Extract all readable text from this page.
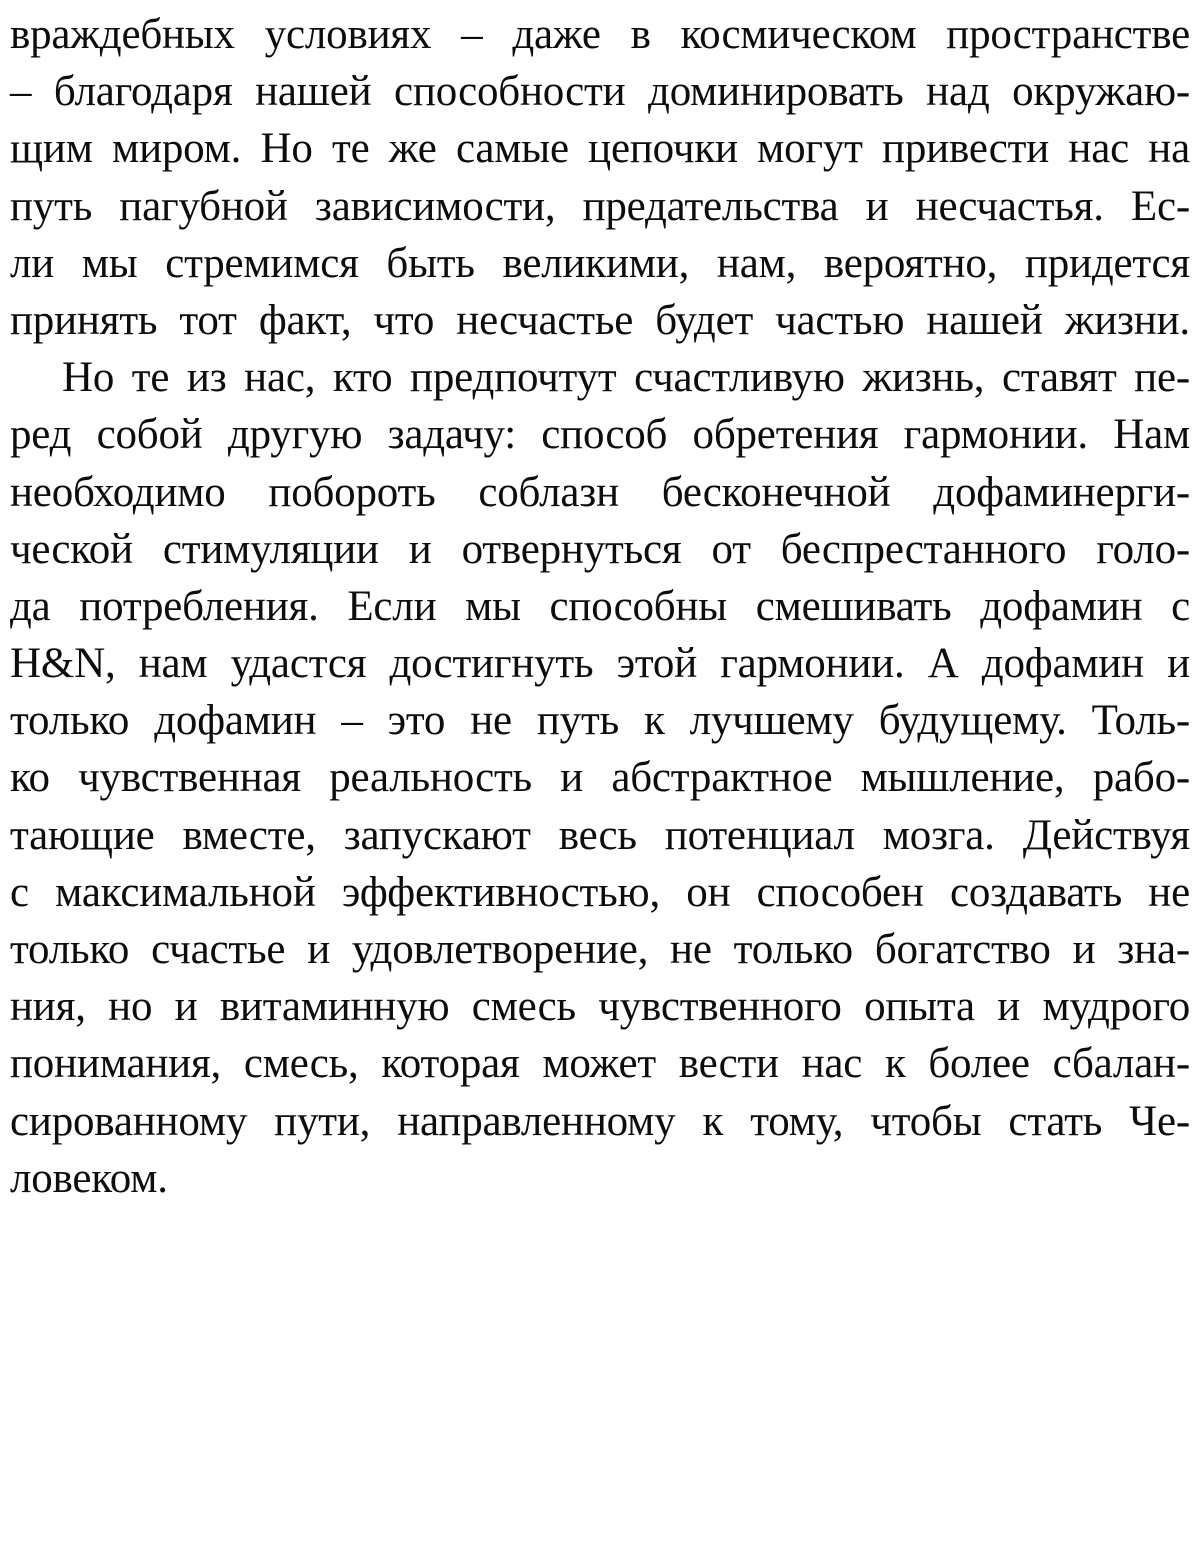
враждебных условиях – даже в космическом пространстве
– благодаря нашей способности доминировать над окружаю-
щим миром. Но те же самые цепочки могут привести нас на
путь пагубной зависимости, предательства и несчастья. Ес-
ли мы стремимся быть великими, нам, вероятно, придется
принять тот факт, что несчастье будет частью нашей жизни.
Но те из нас, кто предпочтут счастливую жизнь, ставят пе-
ред собой другую задачу: способ обретения гармонии. Нам
необходимо побороть соблазн бесконечной дофаминерги-
ческой стимуляции и отвернуться от беспрестанного голо-
да потребления. Если мы способны смешивать дофамин с
H&N, нам удастся достигнуть этой гармонии. А дофамин и
только дофамин – это не путь к лучшему будущему. Толь-
ко чувственная реальность и абстрактное мышление, рабо-
тающие вместе, запускают весь потенциал мозга. Действуя
с максимальной эффективностью, он способен создавать не
только счастье и удовлетворение, не только богатство и зна-
ния, но и витаминную смесь чувственного опыта и мудрого
понимания, смесь, которая может вести нас к более сбалан-
сированному пути, направленному к тому, чтобы стать Че-
ловеком.
